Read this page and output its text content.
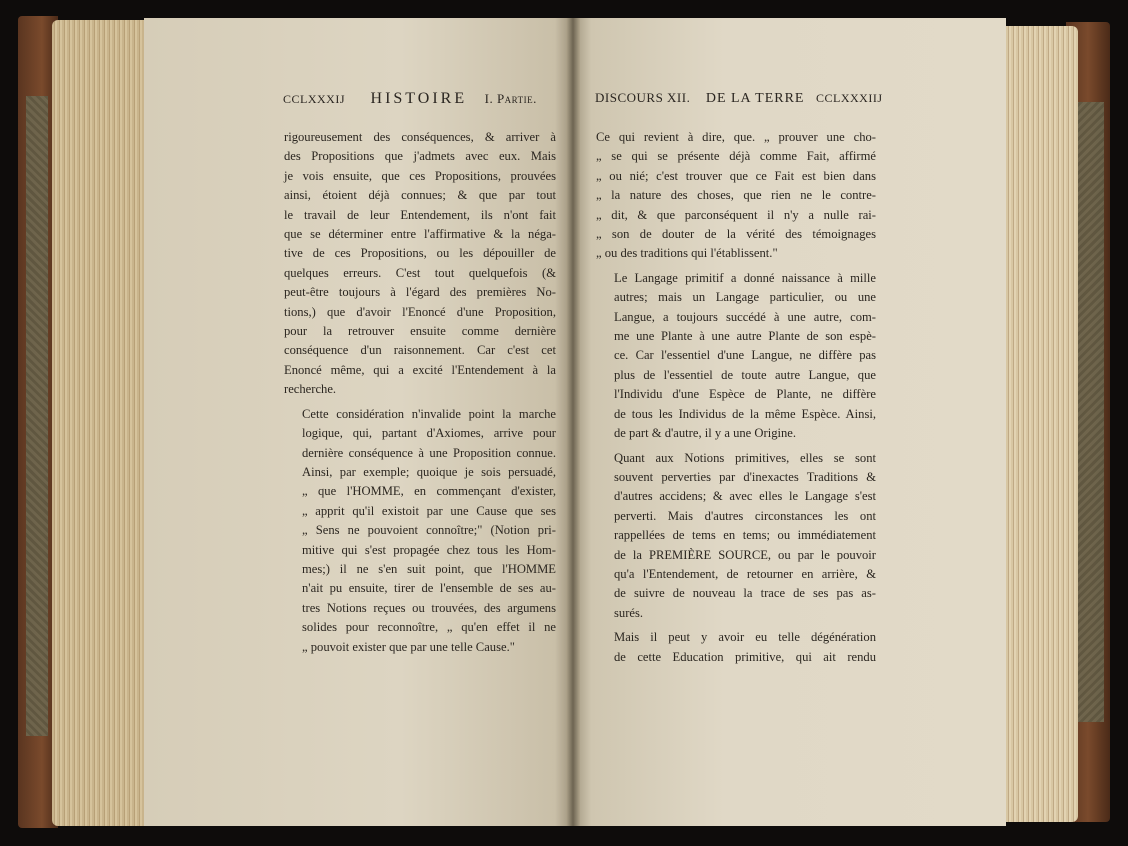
CCLXXXIJ HISTOIRE I. Partie.	DISCOURS XII. DE LA TERRE CCLXXXIIJ

rigoureusement des conséquences, & arriver à
des Propositions que j'admets avec eux. Mais
je vois ensuite, que ces Propositions, prouvées
ainsi, étoient déjà connues; & que par tout
le travail de leur Entendement, ils n'ont fait
que se déterminer entre l'affirmative & la néga-
tive de ces Propositions, ou les dépouiller de
quelques erreurs. C'est tout quelquefois (&
peut-être toujours à l'égard des premières No-
tions,) que d'avoir l'Enoncé d'une Proposition,
pour la retrouver ensuite comme dernière
conséquence d'un raisonnement. Car c'est cet
Enoncé même, qui a excité l'Entendement à la
recherche.

Cette considération n'invalide point la marche
logique, qui, partant d'Axiomes, arrive pour
dernière conséquence à une Proposition connue.
Ainsi, par exemple; quoique je sois persuadé,
„ que l'HOMME, en commençant d'exister,
„ apprit qu'il existoit par une Cause que ses
„ Sens ne pouvoient connoître;" (Notion pri-
mitive qui s'est propagée chez tous les Hom-
mes;) il ne s'en suit point, que l'HOMME
n'ait pu ensuite, tirer de l'ensemble de ses au-
tres Notions reçues ou trouvées, des argumens
solides pour reconnoître, „ qu'en effet il ne
„ pouvoit exister que par une telle Cause."

Ce qui revient à dire, que. „ prouver une cho-
„ se qui se présente déjà comme Fait, affirmé
„ ou nié; c'est trouver que ce Fait est bien dans
„ la nature des choses, que rien ne le contre-
„ dit, & que parconséquent il n'y a nulle rai-
„ son de douter de la vérité des témoignages
„ ou des traditions qui l'établissent."

Le Langage primitif a donné naissance à mille
autres; mais un Langage particulier, ou une
Langue, a toujours succédé à une autre, com-
me une Plante à une autre Plante de son espè-
ce. Car l'essentiel d'une Langue, ne diffère pas
plus de l'essentiel de toute autre Langue, que
l'Individu d'une Espèce de Plante, ne diffère
de tous les Individus de la même Espèce. Ainsi,
de part & d'autre, il y a une Origine.

Quant aux Notions primitives, elles se sont
souvent perverties par d'inexactes Traditions &
d'autres accidens; & avec elles le Langage s'est
perverti. Mais d'autres circonstances les ont
rappellées de tems en tems; ou immédiatement
de la PREMIÈRE SOURCE, ou par le pouvoir
qu'a l'Entendement, de retourner en arrière, &
de suivre de nouveau la trace de ses pas as-
surés.

Mais il peut y avoir eu telle dégénération
de cette Education primitive, qui ait rendu
